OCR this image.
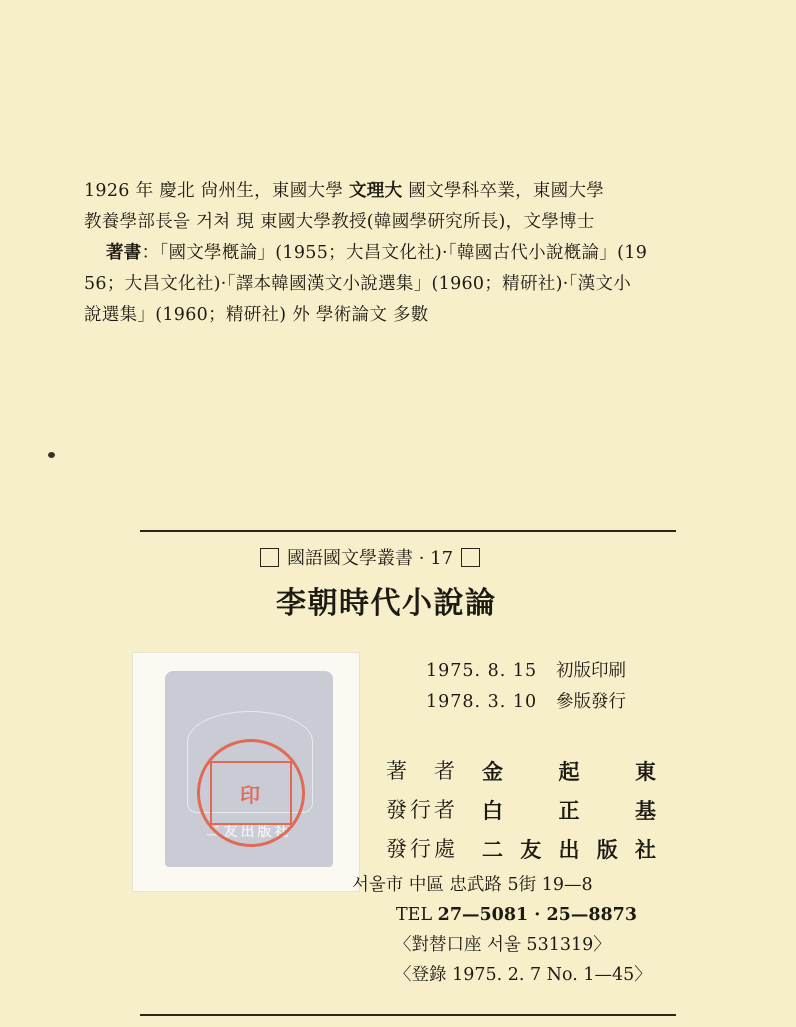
1926 年 慶北 尙州生，東國大學 文理大 國文學科卒業，東國大學

教養學部長을 거쳐 現 東國大學教授(韓國學硏究所長)，文學博士

著書：「國文學槪論」(1955；大昌文化社)·「韓國古代小說槪論」(19

56；大昌文化社)·「譯本韓國漢文小說選集」(1960；精硏社)·「漢文小

說選集」(1960；精硏社) 外 學術論文 多數

國語國文學叢書 · 17
李朝時代小說論
二友出版社
印
1975. 8. 15 初版印刷
1978. 3. 10 參版發行
著　者	金	起	東
發行者	白	正	基
發行處	二 友 出 版 社
서울市 中區 忠武路 5街 19—8
TEL 27—5081 · 25—8873
〈對替口座 서울 531319〉
〈登錄 1975. 2. 7 No. 1—45〉
